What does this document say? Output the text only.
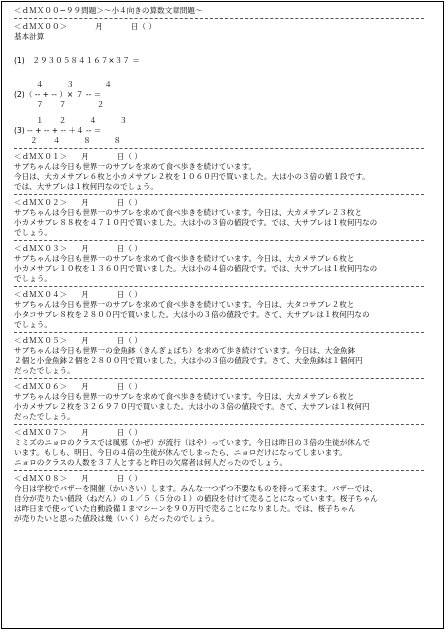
＜ｄＭＸ００~９９問題＞～小４向きの算数文章問題～
＜ｄＭＸ００＞	月	日（ ）
基本計算
(1)　２９３０５８４１６７×３７ ＝
４　　　３　　　　４
(2)（ -- + -- ）× ７ -- ＝
７　　７　　　　２
１　　２　　　４　　　３
(3) -- + -- + -- ＋４ -- ＝
２　　４　　　８　　　８
＜ｄＭＸ０１＞ 月	日（ ）
サブちゃんは今日も世界一のサブレを求めて食べ歩きを続けています。
今日は、大カメサブレ６枚と小カメサブレ２枚を１０６０円で買いました。大は小の３倍の値１段です。
では、大サブレは１枚何円なのでしょう。
＜ｄＭＸ０２＞ 月	日（ ）
サブちゃんは今日も世界一のサブレを求めて食べ歩きを続けています。今日は、大カメサブレ２３枚と
小カメサブレ８８枚を４７１０円で買いました。大は小の３倍の値段です。では、大サブレは１枚何円なの
でしょう。
＜ｄＭＸ０３＞ 月	日（ ）
サブちゃんは今日も世界一のサブレを求めて食べ歩きを続けています。今日は、大カメサブレ６枚と
小カメサブレ１０枚を１３６０円で買いました。大は小の４倍の値段です。では、大サブレは１枚何円なの
でしょう。
＜ｄＭＸ０４＞ 月	日（ ）
サブちゃんは今日も世界一のサブレを求めて食べ歩きを続けています。今日は、大タコサブレ２枚と
小タコサブレ８枚を２８００円で買いました。大は小の３倍の値段です。さて、大サブレは１枚何円なの
でしょう。
＜ｄＭＸ０５＞ 月	日（ ）
サブちゃんは今日も世界一の金魚鉢（きんぎょばち）を求めて歩き続けています。今日は、大金魚鉢
２個と小金魚鉢２個を２８００円で買いました。大は小の３倍の値段です。さて、大金魚鉢は１個何円
だったでしょう。
＜ｄＭＸ０６＞ 月	日（ ）
サブちゃんは今日も世界一のサブレを求めて食べ歩きを続けています。今日は、大カメサブレ６枚と
小カメサブレ２枚を３２６９７０円で買いました。大は小の３倍の値段です。さて、大サブレは１枚何円
だったでしょう。
＜ｄＭＸ０７＞ 月	日（ ）
ミミズのニョロのクラスでは風邪（かぜ）が流行（はや）っています。今日は昨日の３倍の生徒が休んで
います。もしも、明日、今日の４倍の生徒が休んでしまったら、ニョロだけになってしまいます。
ニョロのクラスの人数を３７人とすると昨日の欠席者は何人だったのでしょう。
＜ｄＭＸ０８＞ 月	日（ ）
今日は学校でバザーを開催（かいさい）します。みんな一つずつ不要なものを持って来ます。バザーでは、
自分が売りたい値段（ねだん）の１／５（５分の１）の値段を付けて売ることになっています。桜子ちゃん
は昨日まで使っていた自動設備１まマシーンを９０万円で売ることになりました。では、桜子ちゃん
が売りたいと思った値段は幾（いく）らだったのでしょう。
